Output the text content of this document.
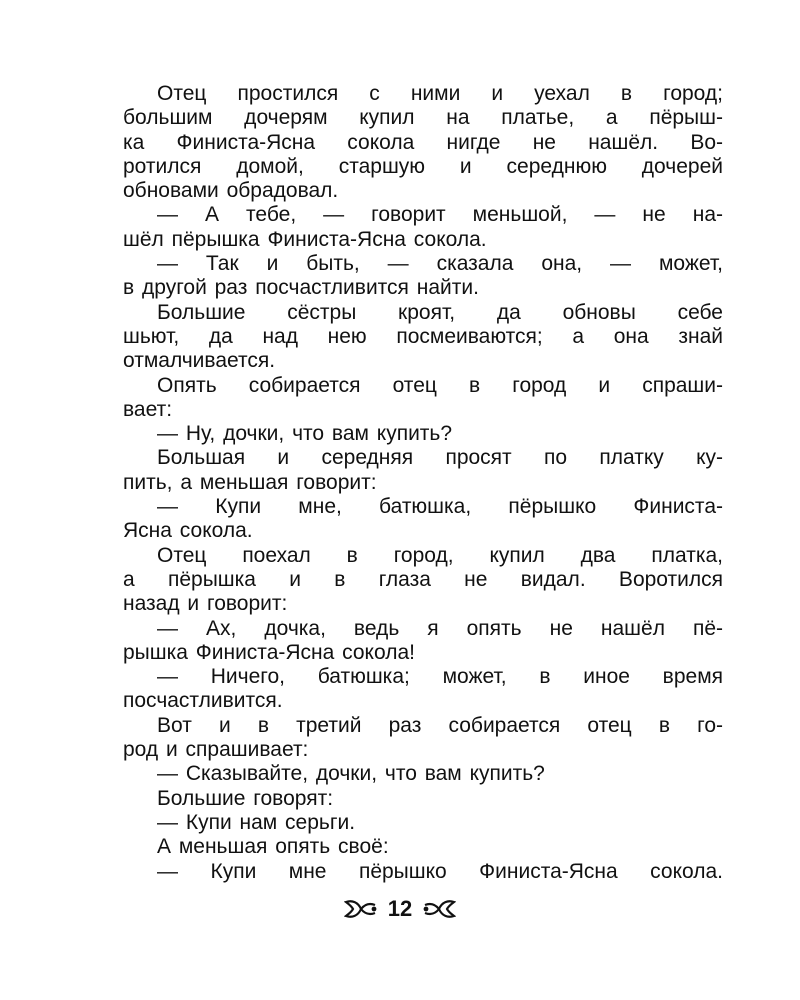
Отец простился с ними и уехал в город;
большим дочерям купил на платье, а пёрыш-
ка Финиста-Ясна сокола нигде не нашёл. Во-
ротился домой, старшую и середнюю дочерей
обновами обрадовал.
— А тебе, — говорит меньшой, — не на-
шёл пёрышка Финиста-Ясна сокола.
— Так и быть, — сказала она, — может,
в другой раз посчастливится найти.
Большие сёстры кроят, да обновы себе
шьют, да над нею посмеиваются; а она знай
отмалчивается.
Опять собирается отец в город и спраши-
вает:
— Ну, дочки, что вам купить?
Большая и середняя просят по платку ку-
пить, а меньшая говорит:
— Купи мне, батюшка, пёрышко Финиста-
Ясна сокола.
Отец поехал в город, купил два платка,
а пёрышка и в глаза не видал. Воротился
назад и говорит:
— Ах, дочка, ведь я опять не нашёл пё-
рышка Финиста-Ясна сокола!
— Ничего, батюшка; может, в иное время
посчастливится.
Вот и в третий раз собирается отец в го-
род и спрашивает:
— Сказывайте, дочки, что вам купить?
Большие говорят:
— Купи нам серьги.
А меньшая опять своё:
— Купи мне пёрышко Финиста-Ясна сокола.
12
